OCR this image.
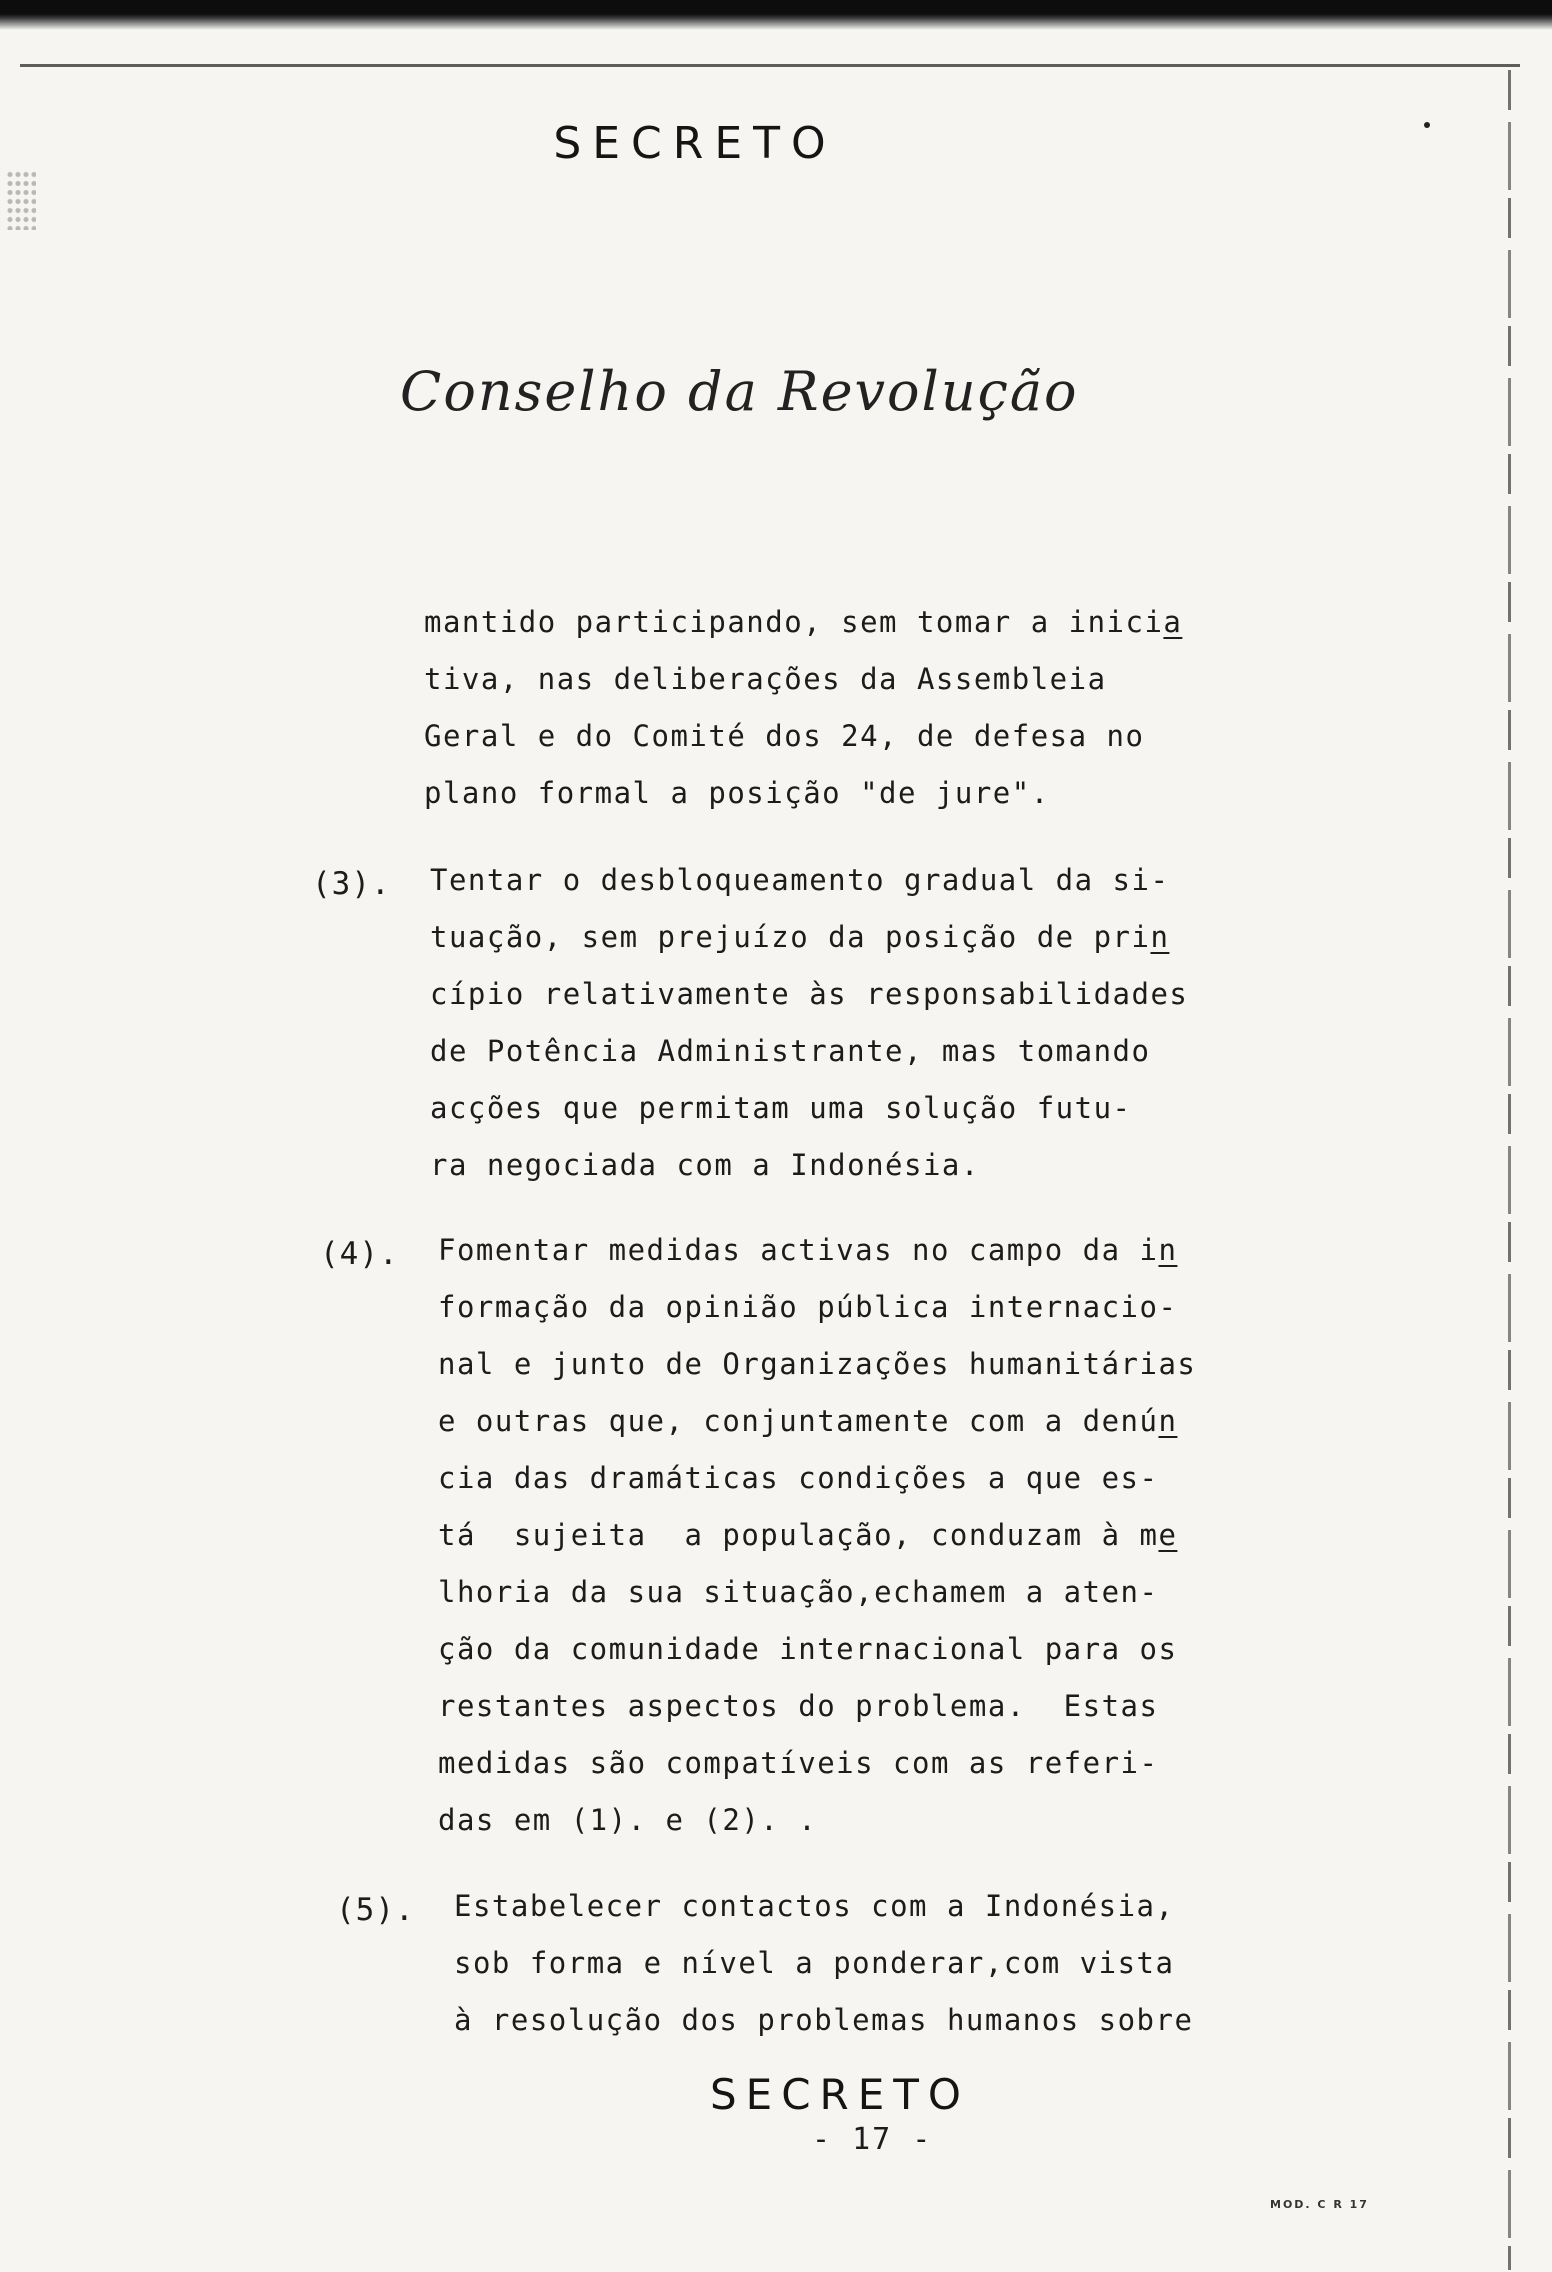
SECRETO
Conselho da Revolução
mantido participando, sem tomar a inicia
tiva, nas deliberações da Assembleia
Geral e do Comité dos 24, de defesa no
plano formal a posição "de jure".
(3). Tentar o desbloqueamento gradual da si-
tuação, sem prejuízo da posição de prin
cípio relativamente às responsabilidades
de Potência Administrante, mas tomando
acções que permitam uma solução futu-
ra negociada com a Indonésia.
(4). Fomentar medidas activas no campo da in
formação da opinião pública internacio-
nal e junto de Organizações humanitárias
e outras que, conjuntamente com a denún
cia das dramáticas condições a que es-
tá  sujeita  a população, conduzam à me
lhoria da sua situação,echamem a aten-
ção da comunidade internacional para os
restantes aspectos do problema.  Estas
medidas são compatíveis com as referi-
das em (1). e (2). .
(5). Estabelecer contactos com a Indonésia,
sob forma e nível a ponderar,com vista
à resolução dos problemas humanos sobre
SECRETO
- 17 -
MOD. C R 17
